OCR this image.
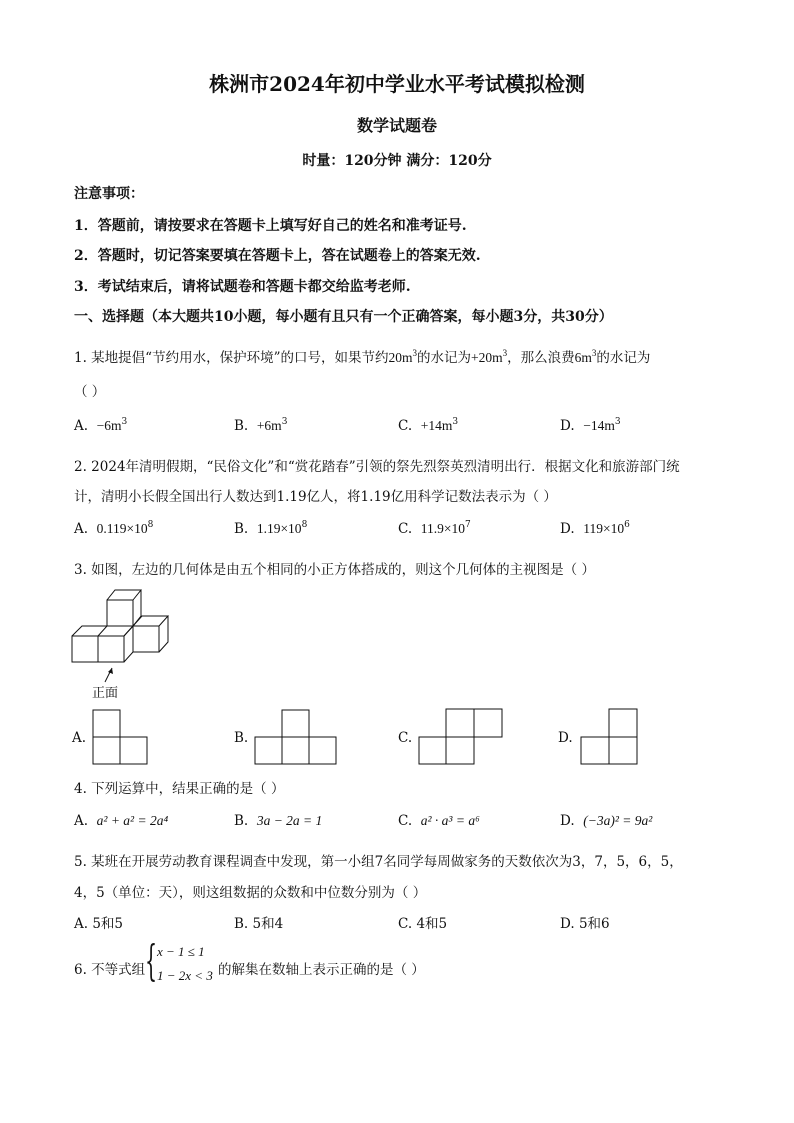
株洲市2024年初中学业水平考试模拟检测
数学试题卷
时量：120分钟 满分：120分
注意事项：
1．答题前，请按要求在答题卡上填写好自己的姓名和准考证号.
2．答题时，切记答案要填在答题卡上，答在试题卷上的答案无效.
3．考试结束后，请将试题卷和答题卡都交给监考老师.
一、选择题（本大题共10小题，每小题有且只有一个正确答案，每小题3分，共30分）
1. 某地提倡“节约用水，保护环境”的口号，如果节约$20m^3$的水记为$+20m^3$，那么浪费$6m^3$的水记为
（ ）
A. $-6m^3$	B. $+6m^3$	C. $+14m^3$	D. $-14m^3$
2. 2024年清明假期，“民俗文化”和“赏花踏春”引领的祭先烈祭英烈清明出行．根据文化和旅游部门统
计，清明小长假全国出行人数达到1.19亿人，将1.19亿用科学记数法表示为（ ）
A. $0.119\times 10^8$	B. $1.19\times 10^8$	C. $11.9\times 10^7$	D. $119\times 10^6$
3. 如图，左边的几何体是由五个相同的小正方体搭成的，则这个几何体的主视图是（ ）
正面
A.	B.	C.	D.
4. 下列运算中，结果正确的是（ ）
A. a² + a² = 2a⁴	B. 3a − 2a = 1	C. a² · a³ = a⁶	D. (−3a)² = 9a²
5. 某班在开展劳动教育课程调查中发现，第一小组7名同学每周做家务的天数依次为3，7，5，6，5，
4，5（单位：天），则这组数据的众数和中位数分别为（ ）
A. 5和5	B. 5和4	C. 4和5	D. 5和6
6. 不等式组 { x − 1 ≤ 1
1 − 2x < 3 的解集在数轴上表示正确的是（ ）
